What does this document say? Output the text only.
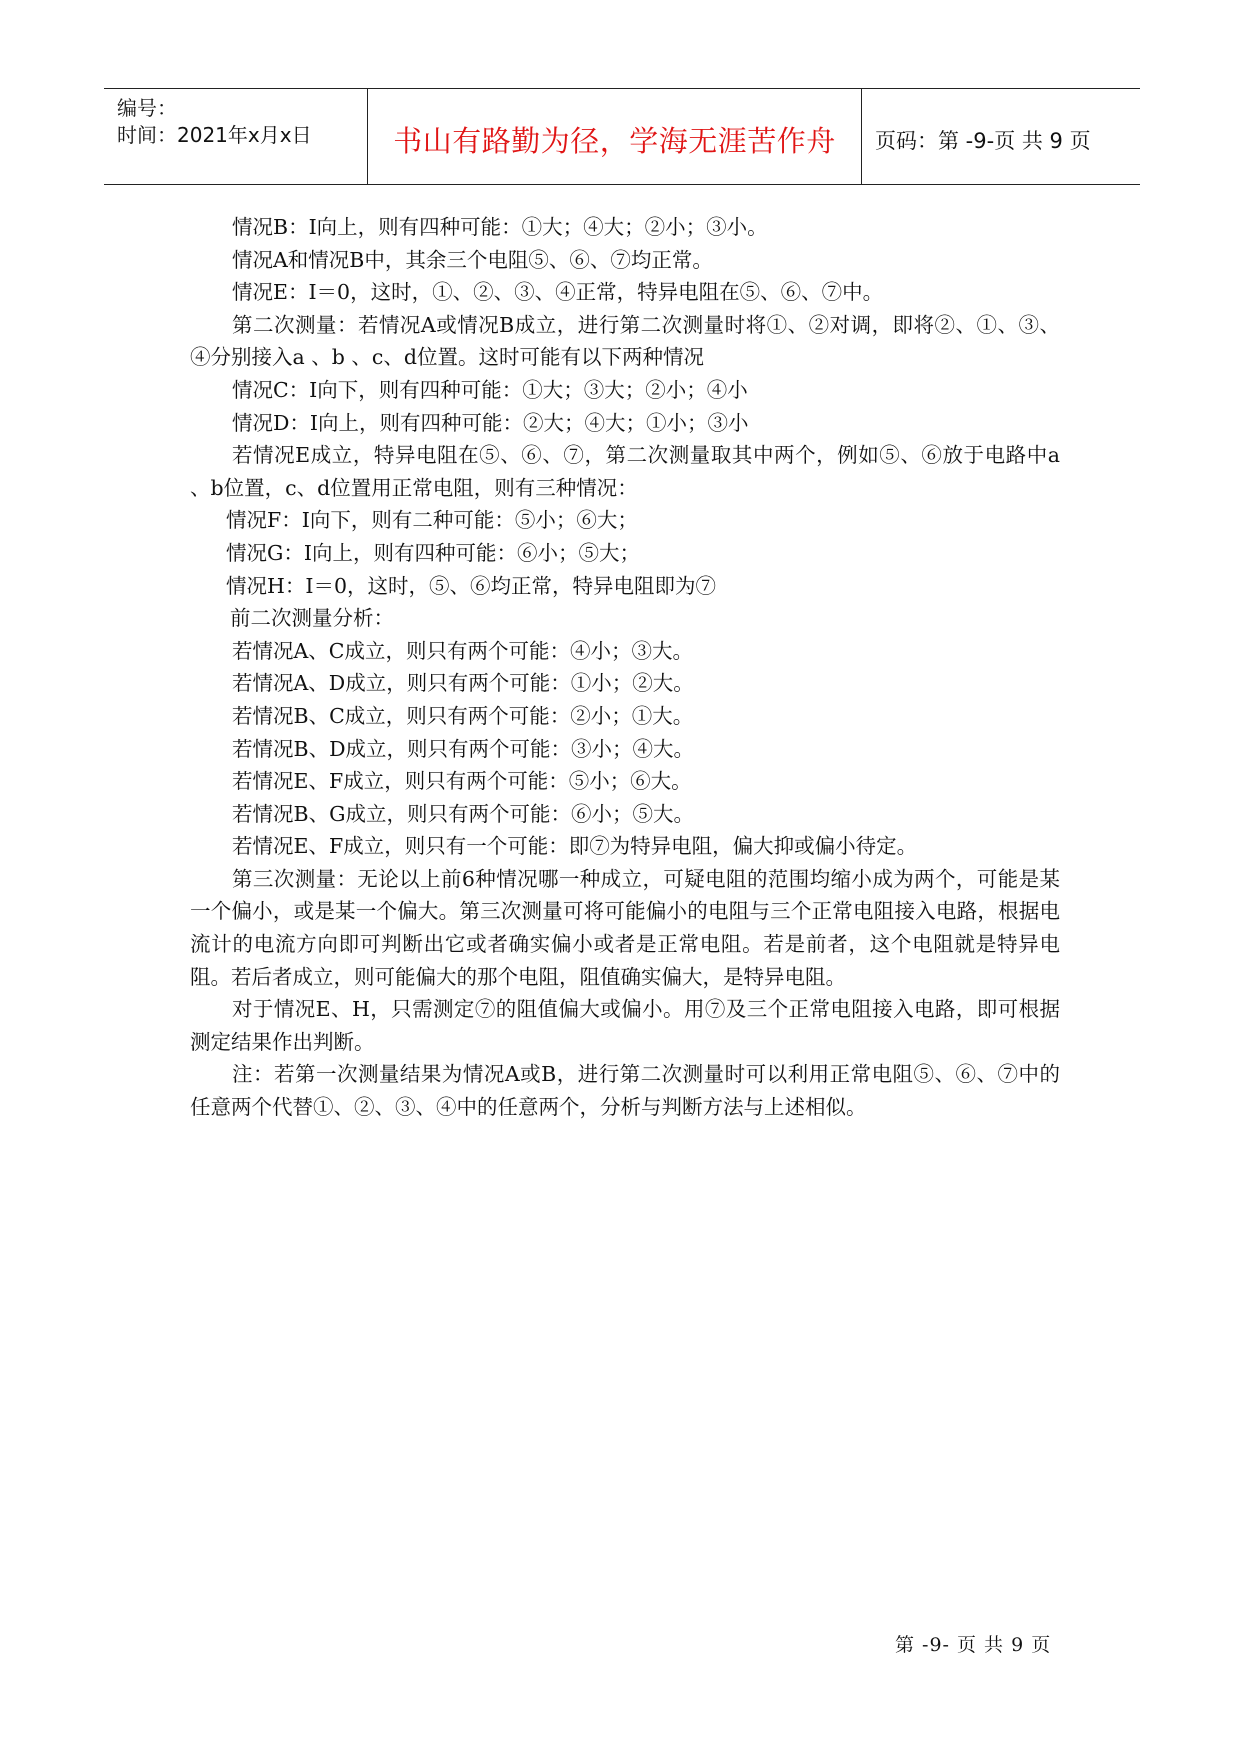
编号：
时间：2021年x月x日	书山有路勤为径，学海无涯苦作舟	页码：第 -9-页 共 9 页

情况B：I向上，则有四种可能：①大；④大；②小；③小。

情况A和情况B中，其余三个电阻⑤、⑥、⑦均正常。

情况E：I＝0，这时，①、②、③、④正常，特异电阻在⑤、⑥、⑦中。

第二次测量：若情况A或情况B成立，进行第二次测量时将①、②对调，即将②、①、③、④分别接入a 、b 、c、d位置。这时可能有以下两种情况

情况C：I向下，则有四种可能：①大；③大；②小；④小

情况D：I向上，则有四种可能：②大；④大；①小；③小

若情况E成立，特异电阻在⑤、⑥、⑦，第二次测量取其中两个，例如⑤、⑥放于电路中a 、b位置，c、d位置用正常电阻，则有三种情况：

情况F：I向下，则有二种可能：⑤小；⑥大；

情况G：I向上，则有四种可能：⑥小；⑤大；

情况H：I＝0，这时，⑤、⑥均正常，特异电阻即为⑦

前二次测量分析：

若情况A、C成立，则只有两个可能：④小；③大。

若情况A、D成立，则只有两个可能：①小；②大。

若情况B、C成立，则只有两个可能：②小；①大。

若情况B、D成立，则只有两个可能：③小；④大。

若情况E、F成立，则只有两个可能：⑤小；⑥大。

若情况B、G成立，则只有两个可能：⑥小；⑤大。

若情况E、F成立，则只有一个可能：即⑦为特异电阻，偏大抑或偏小待定。

第三次测量：无论以上前6种情况哪一种成立，可疑电阻的范围均缩小成为两个，可能是某一个偏小，或是某一个偏大。第三次测量可将可能偏小的电阻与三个正常电阻接入电路，根据电流计的电流方向即可判断出它或者确实偏小或者是正常电阻。若是前者，这个电阻就是特异电阻。若后者成立，则可能偏大的那个电阻，阻值确实偏大，是特异电阻。

对于情况E、H，只需测定⑦的阻值偏大或偏小。用⑦及三个正常电阻接入电路，即可根据测定结果作出判断。

注：若第一次测量结果为情况A或B，进行第二次测量时可以利用正常电阻⑤、⑥、⑦中的任意两个代替①、②、③、④中的任意两个，分析与判断方法与上述相似。

第 -9- 页 共 9 页
